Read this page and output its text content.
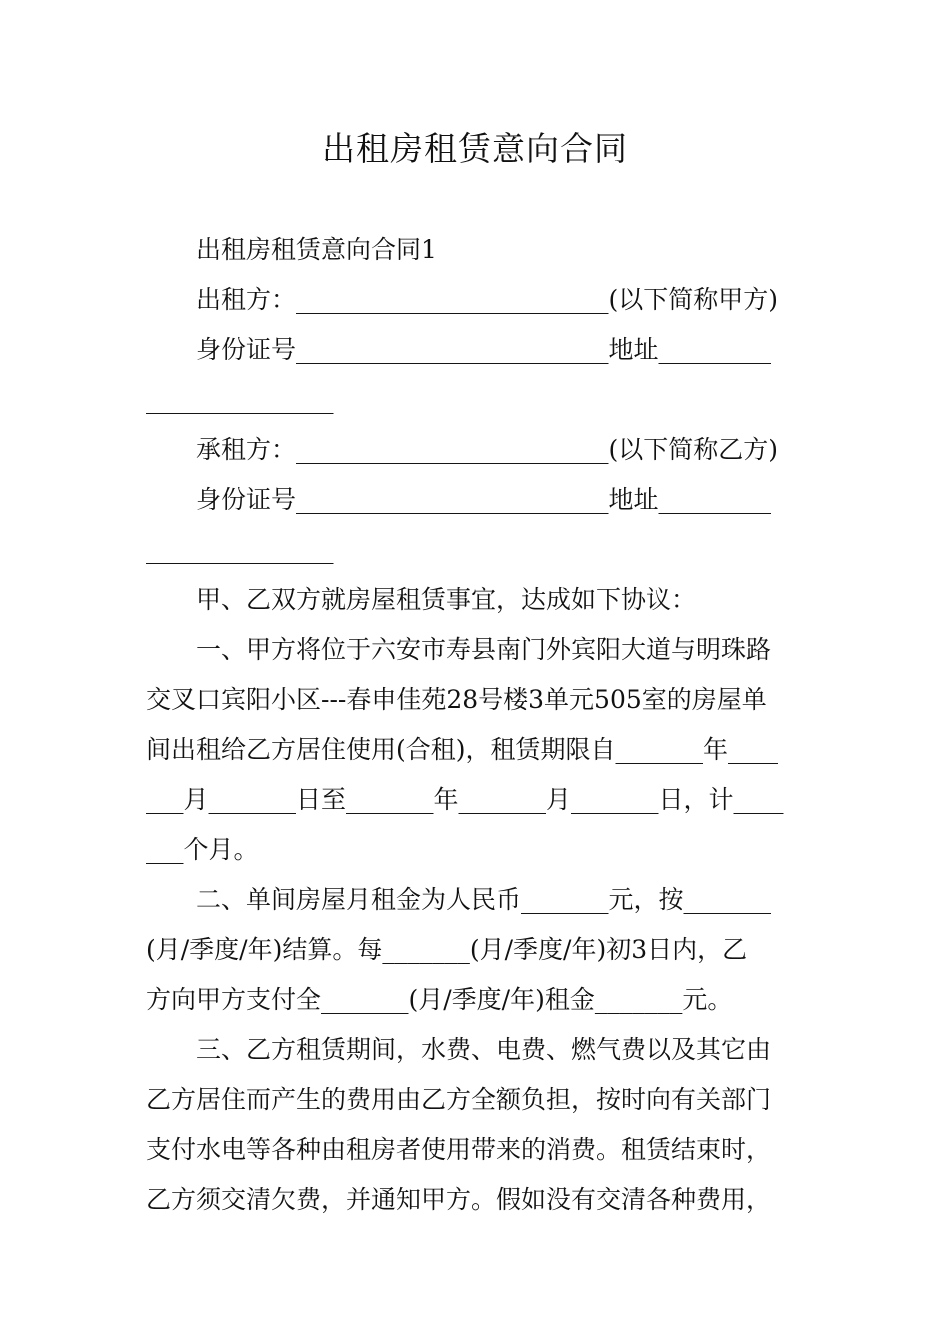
出租房租赁意向合同
出租房租赁意向合同1
出租方：_________________________(以下简称甲方)
身份证号_________________________地址_________
_______________
承租方：_________________________(以下简称乙方)
身份证号_________________________地址_________
_______________
甲、乙双方就房屋租赁事宜，达成如下协议：
一、甲方将位于六安市寿县南门外宾阳大道与明珠路
交叉口宾阳小区---春申佳苑28号楼3单元505室的房屋单
间出租给乙方居住使用(合租)，租赁期限自_______年____
___月_______日至_______年_______月_______日，计____
___个月。
二、单间房屋月租金为人民币_______元，按_______
(月/季度/年)结算。每_______(月/季度/年)初3日内，乙
方向甲方支付全_______(月/季度/年)租金_______元。
三、乙方租赁期间，水费、电费、燃气费以及其它由
乙方居住而产生的费用由乙方全额负担，按时向有关部门
支付水电等各种由租房者使用带来的消费。租赁结束时，
乙方须交清欠费，并通知甲方。假如没有交清各种费用，
